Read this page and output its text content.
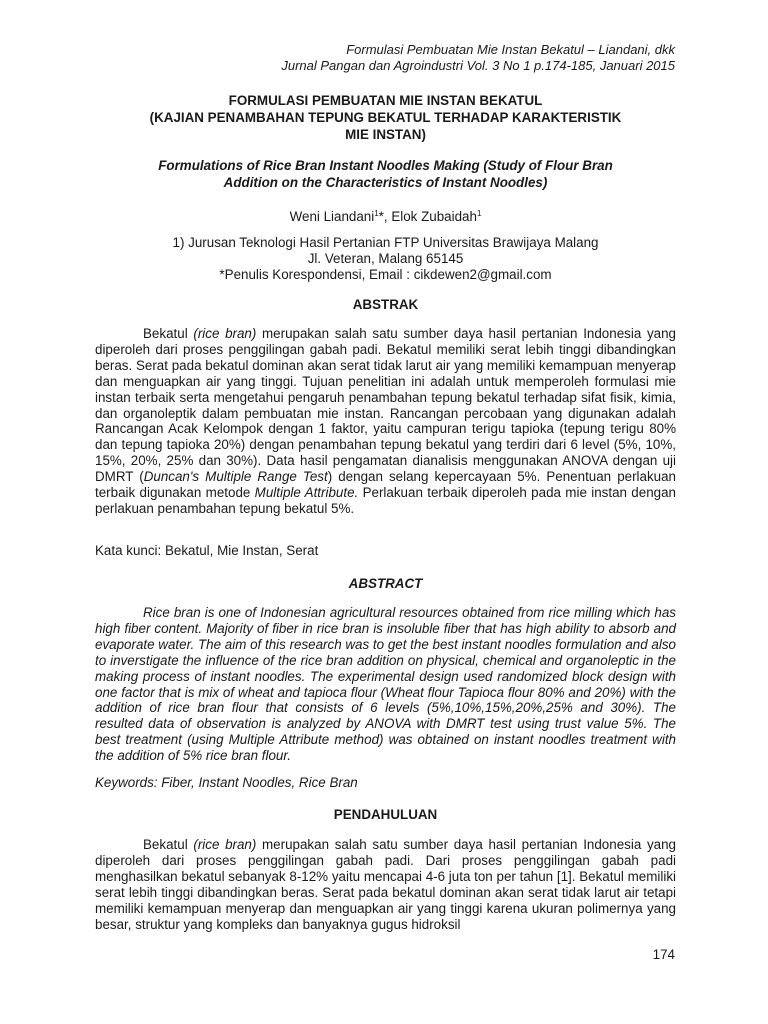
Formulasi Pembuatan Mie Instan Bekatul – Liandani, dkk
Jurnal Pangan dan Agroindustri Vol. 3 No 1 p.174-185, Januari 2015
FORMULASI PEMBUATAN MIE INSTAN BEKATUL
(KAJIAN PENAMBAHAN TEPUNG BEKATUL TERHADAP KARAKTERISTIK
MIE INSTAN)
Formulations of Rice Bran Instant Noodles Making (Study of Flour Bran
Addition on the Characteristics of Instant Noodles)
Weni Liandani$^1$*, Elok Zubaidah$^1$
1) Jurusan Teknologi Hasil Pertanian FTP Universitas Brawijaya Malang
Jl. Veteran, Malang 65145
*Penulis Korespondensi, Email : cikdewen2@gmail.com
ABSTRAK

Bekatul (rice bran) merupakan salah satu sumber daya hasil pertanian Indonesia yang diperoleh dari proses penggilingan gabah padi. Bekatul memiliki serat lebih tinggi dibandingkan beras. Serat pada bekatul dominan akan serat tidak larut air yang memiliki kemampuan menyerap dan menguapkan air yang tinggi. Tujuan penelitian ini adalah untuk memperoleh formulasi mie instan terbaik serta mengetahui pengaruh penambahan tepung bekatul terhadap sifat fisik, kimia, dan organoleptik dalam pembuatan mie instan. Rancangan percobaan yang digunakan adalah Rancangan Acak Kelompok dengan 1 faktor, yaitu campuran terigu tapioka (tepung terigu 80% dan tepung tapioka 20%) dengan penambahan tepung bekatul yang terdiri dari 6 level (5%, 10%, 15%, 20%, 25% dan 30%). Data hasil pengamatan dianalisis menggunakan ANOVA dengan uji DMRT (Duncan's Multiple Range Test) dengan selang kepercayaan 5%. Penentuan perlakuan terbaik digunakan metode Multiple Attribute. Perlakuan terbaik diperoleh pada mie instan dengan perlakuan penambahan tepung bekatul 5%.

Kata kunci: Bekatul, Mie Instan, Serat
ABSTRACT

Rice bran is one of Indonesian agricultural resources obtained from rice milling which has high fiber content. Majority of fiber in rice bran is insoluble fiber that has high ability to absorb and evaporate water. The aim of this research was to get the best instant noodles formulation and also to inverstigate the influence of the rice bran addition on physical, chemical and organoleptic in the making process of instant noodles. The experimental design used randomized block design with one factor that is mix of wheat and tapioca flour (Wheat flour Tapioca flour 80% and 20%) with the addition of rice bran flour that consists of 6 levels (5%,10%,15%,20%,25% and 30%). The resulted data of observation is analyzed by ANOVA with DMRT test using trust value 5%. The best treatment (using Multiple Attribute method) was obtained on instant noodles treatment with the addition of 5% rice bran flour.

Keywords: Fiber, Instant Noodles, Rice Bran
PENDAHULUAN

Bekatul (rice bran) merupakan salah satu sumber daya hasil pertanian Indonesia yang diperoleh dari proses penggilingan gabah padi. Dari proses penggilingan gabah padi menghasilkan bekatul sebanyak 8-12% yaitu mencapai 4-6 juta ton per tahun [1]. Bekatul memiliki serat lebih tinggi dibandingkan beras. Serat pada bekatul dominan akan serat tidak larut air tetapi memiliki kemampuan menyerap dan menguapkan air yang tinggi karena ukuran polimernya yang besar, struktur yang kompleks dan banyaknya gugus hidroksil

174
